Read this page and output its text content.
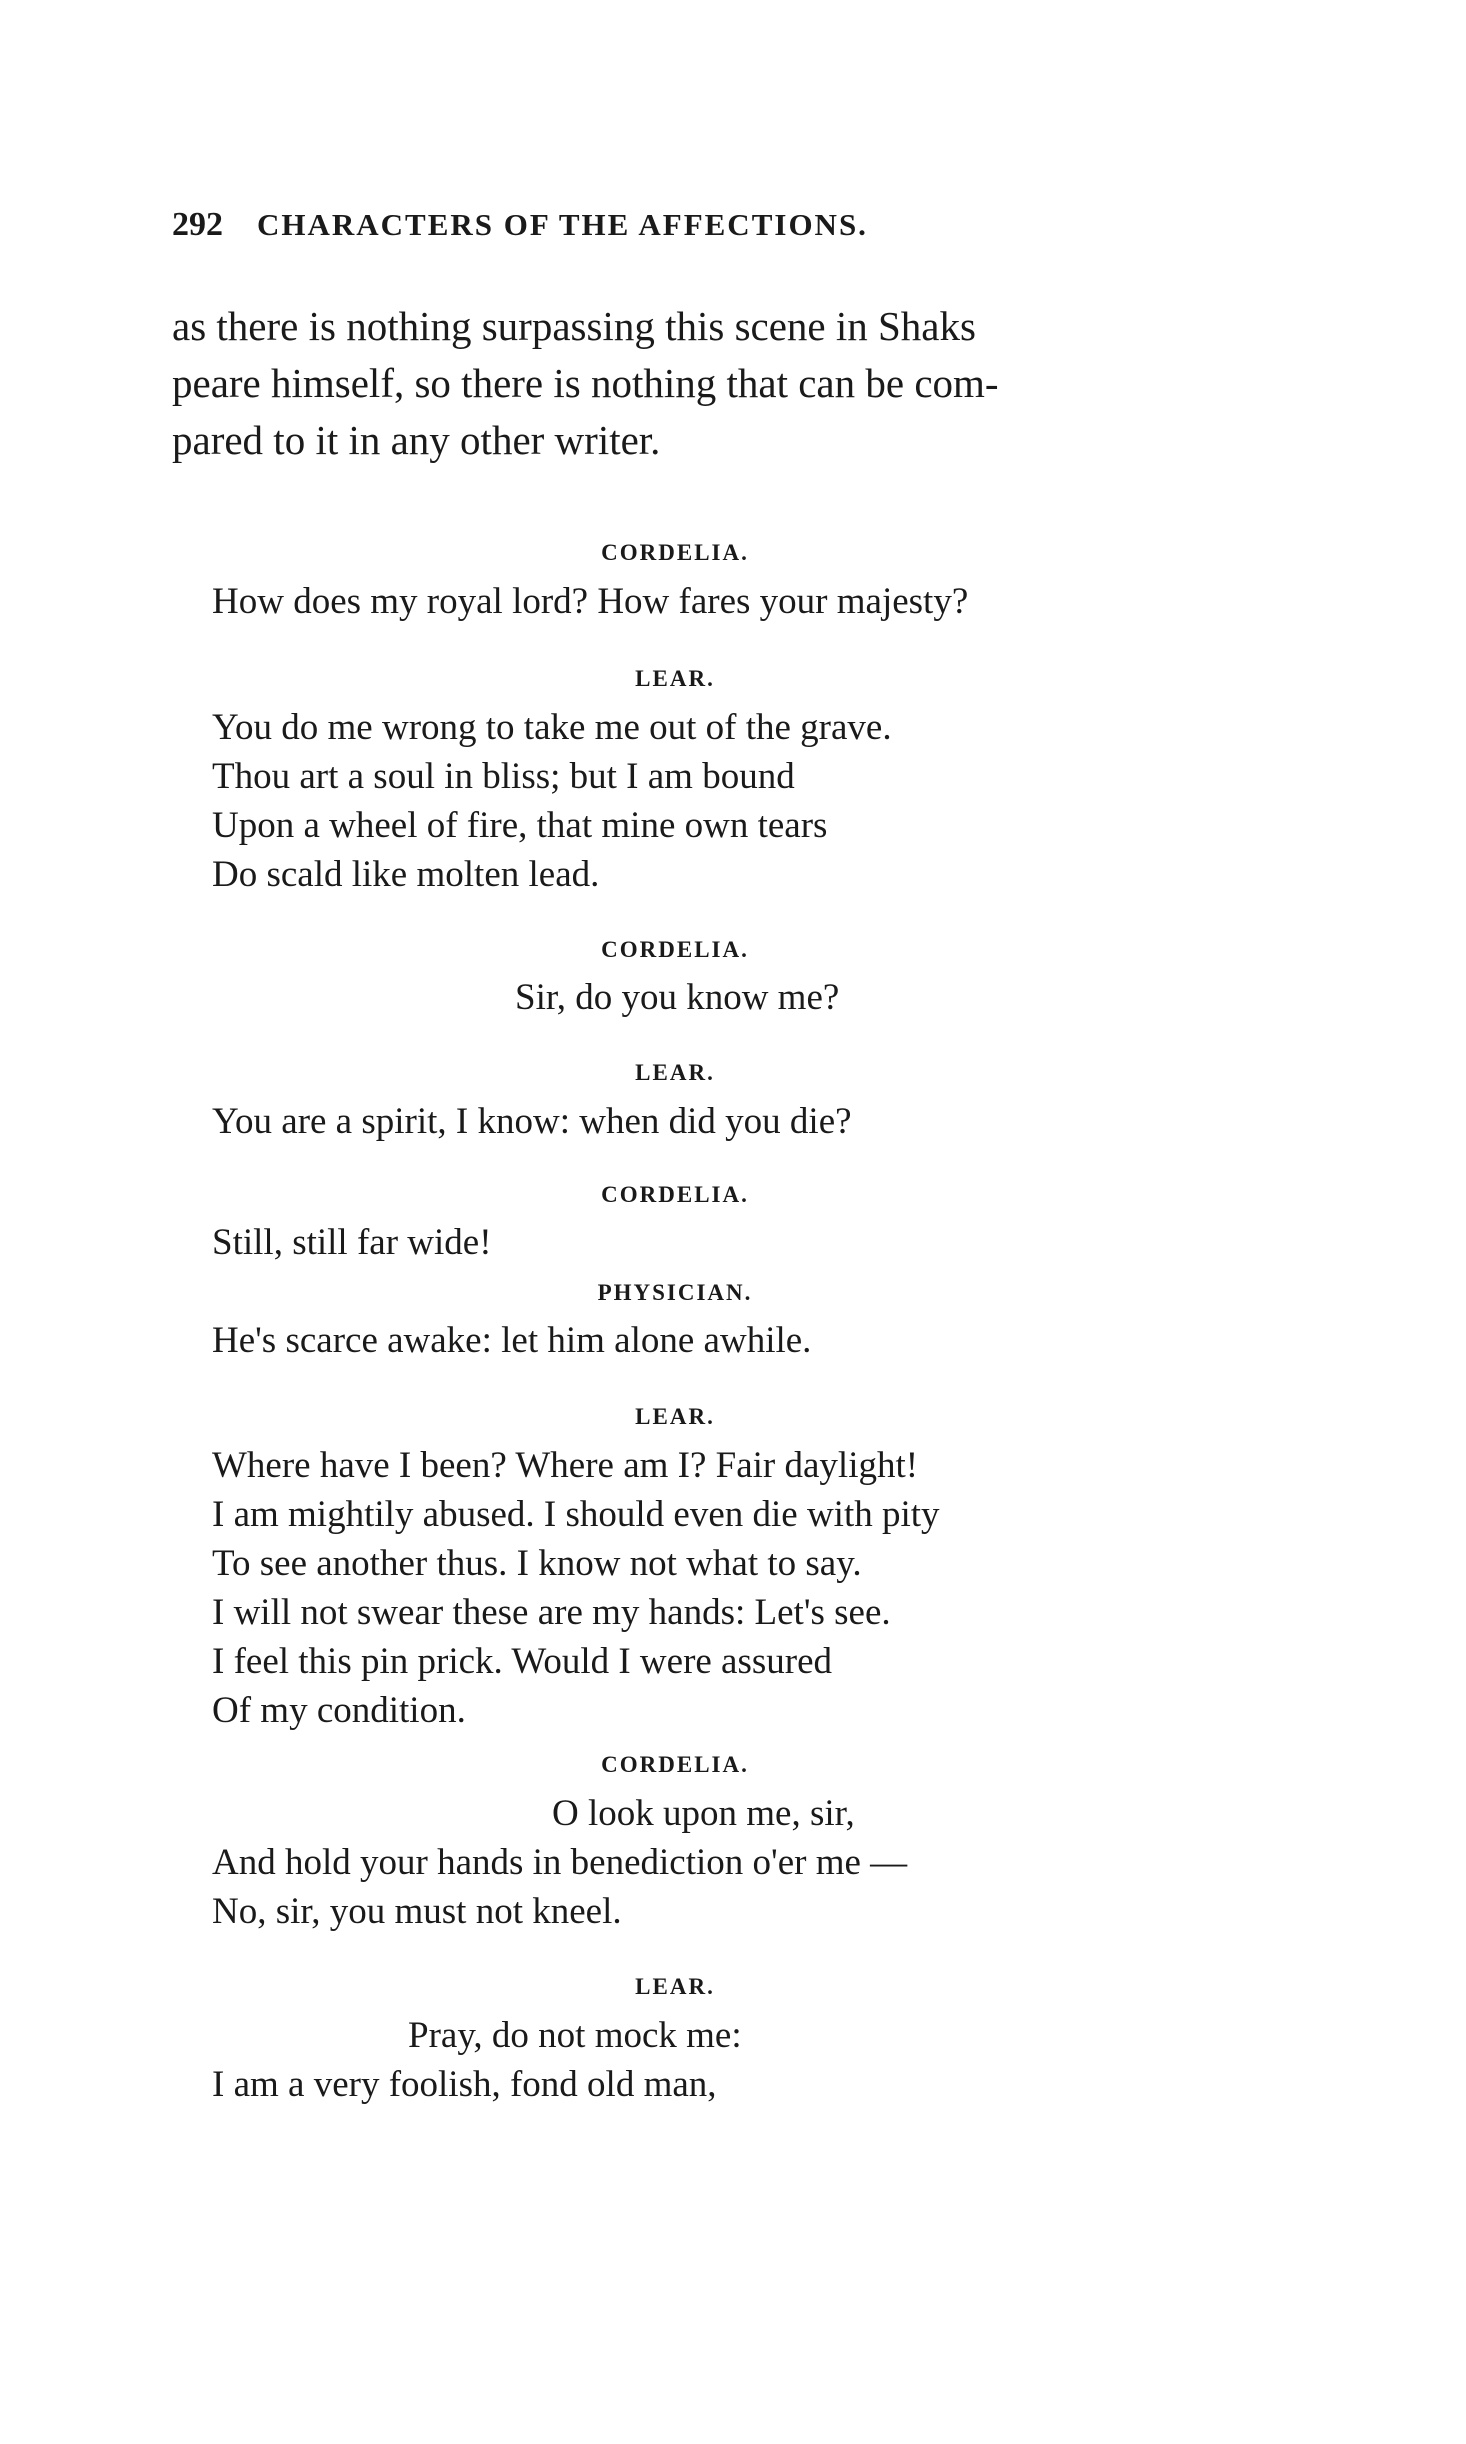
292 CHARACTERS OF THE AFFECTIONS.
as there is nothing surpassing this scene in Shaks
peare himself, so there is nothing that can be com-
pared to it in any other writer.
CORDELIA.
How does my royal lord? How fares your majesty?
LEAR.
You do me wrong to take me out of the grave.
Thou art a soul in bliss; but I am bound
Upon a wheel of fire, that mine own tears
Do scald like molten lead.
CORDELIA.
Sir, do you know me?
LEAR.
You are a spirit, I know: when did you die?
CORDELIA.
Still, still far wide!
PHYSICIAN.
He's scarce awake: let him alone awhile.
LEAR.
Where have I been? Where am I? Fair daylight!
I am mightily abused. I should even die with pity
To see another thus. I know not what to say.
I will not swear these are my hands: Let's see.
I feel this pin prick. Would I were assured
Of my condition.
CORDELIA.
O look upon me, sir,
And hold your hands in benediction o'er me —
No, sir, you must not kneel.
LEAR.
Pray, do not mock me:
I am a very foolish, fond old man,
